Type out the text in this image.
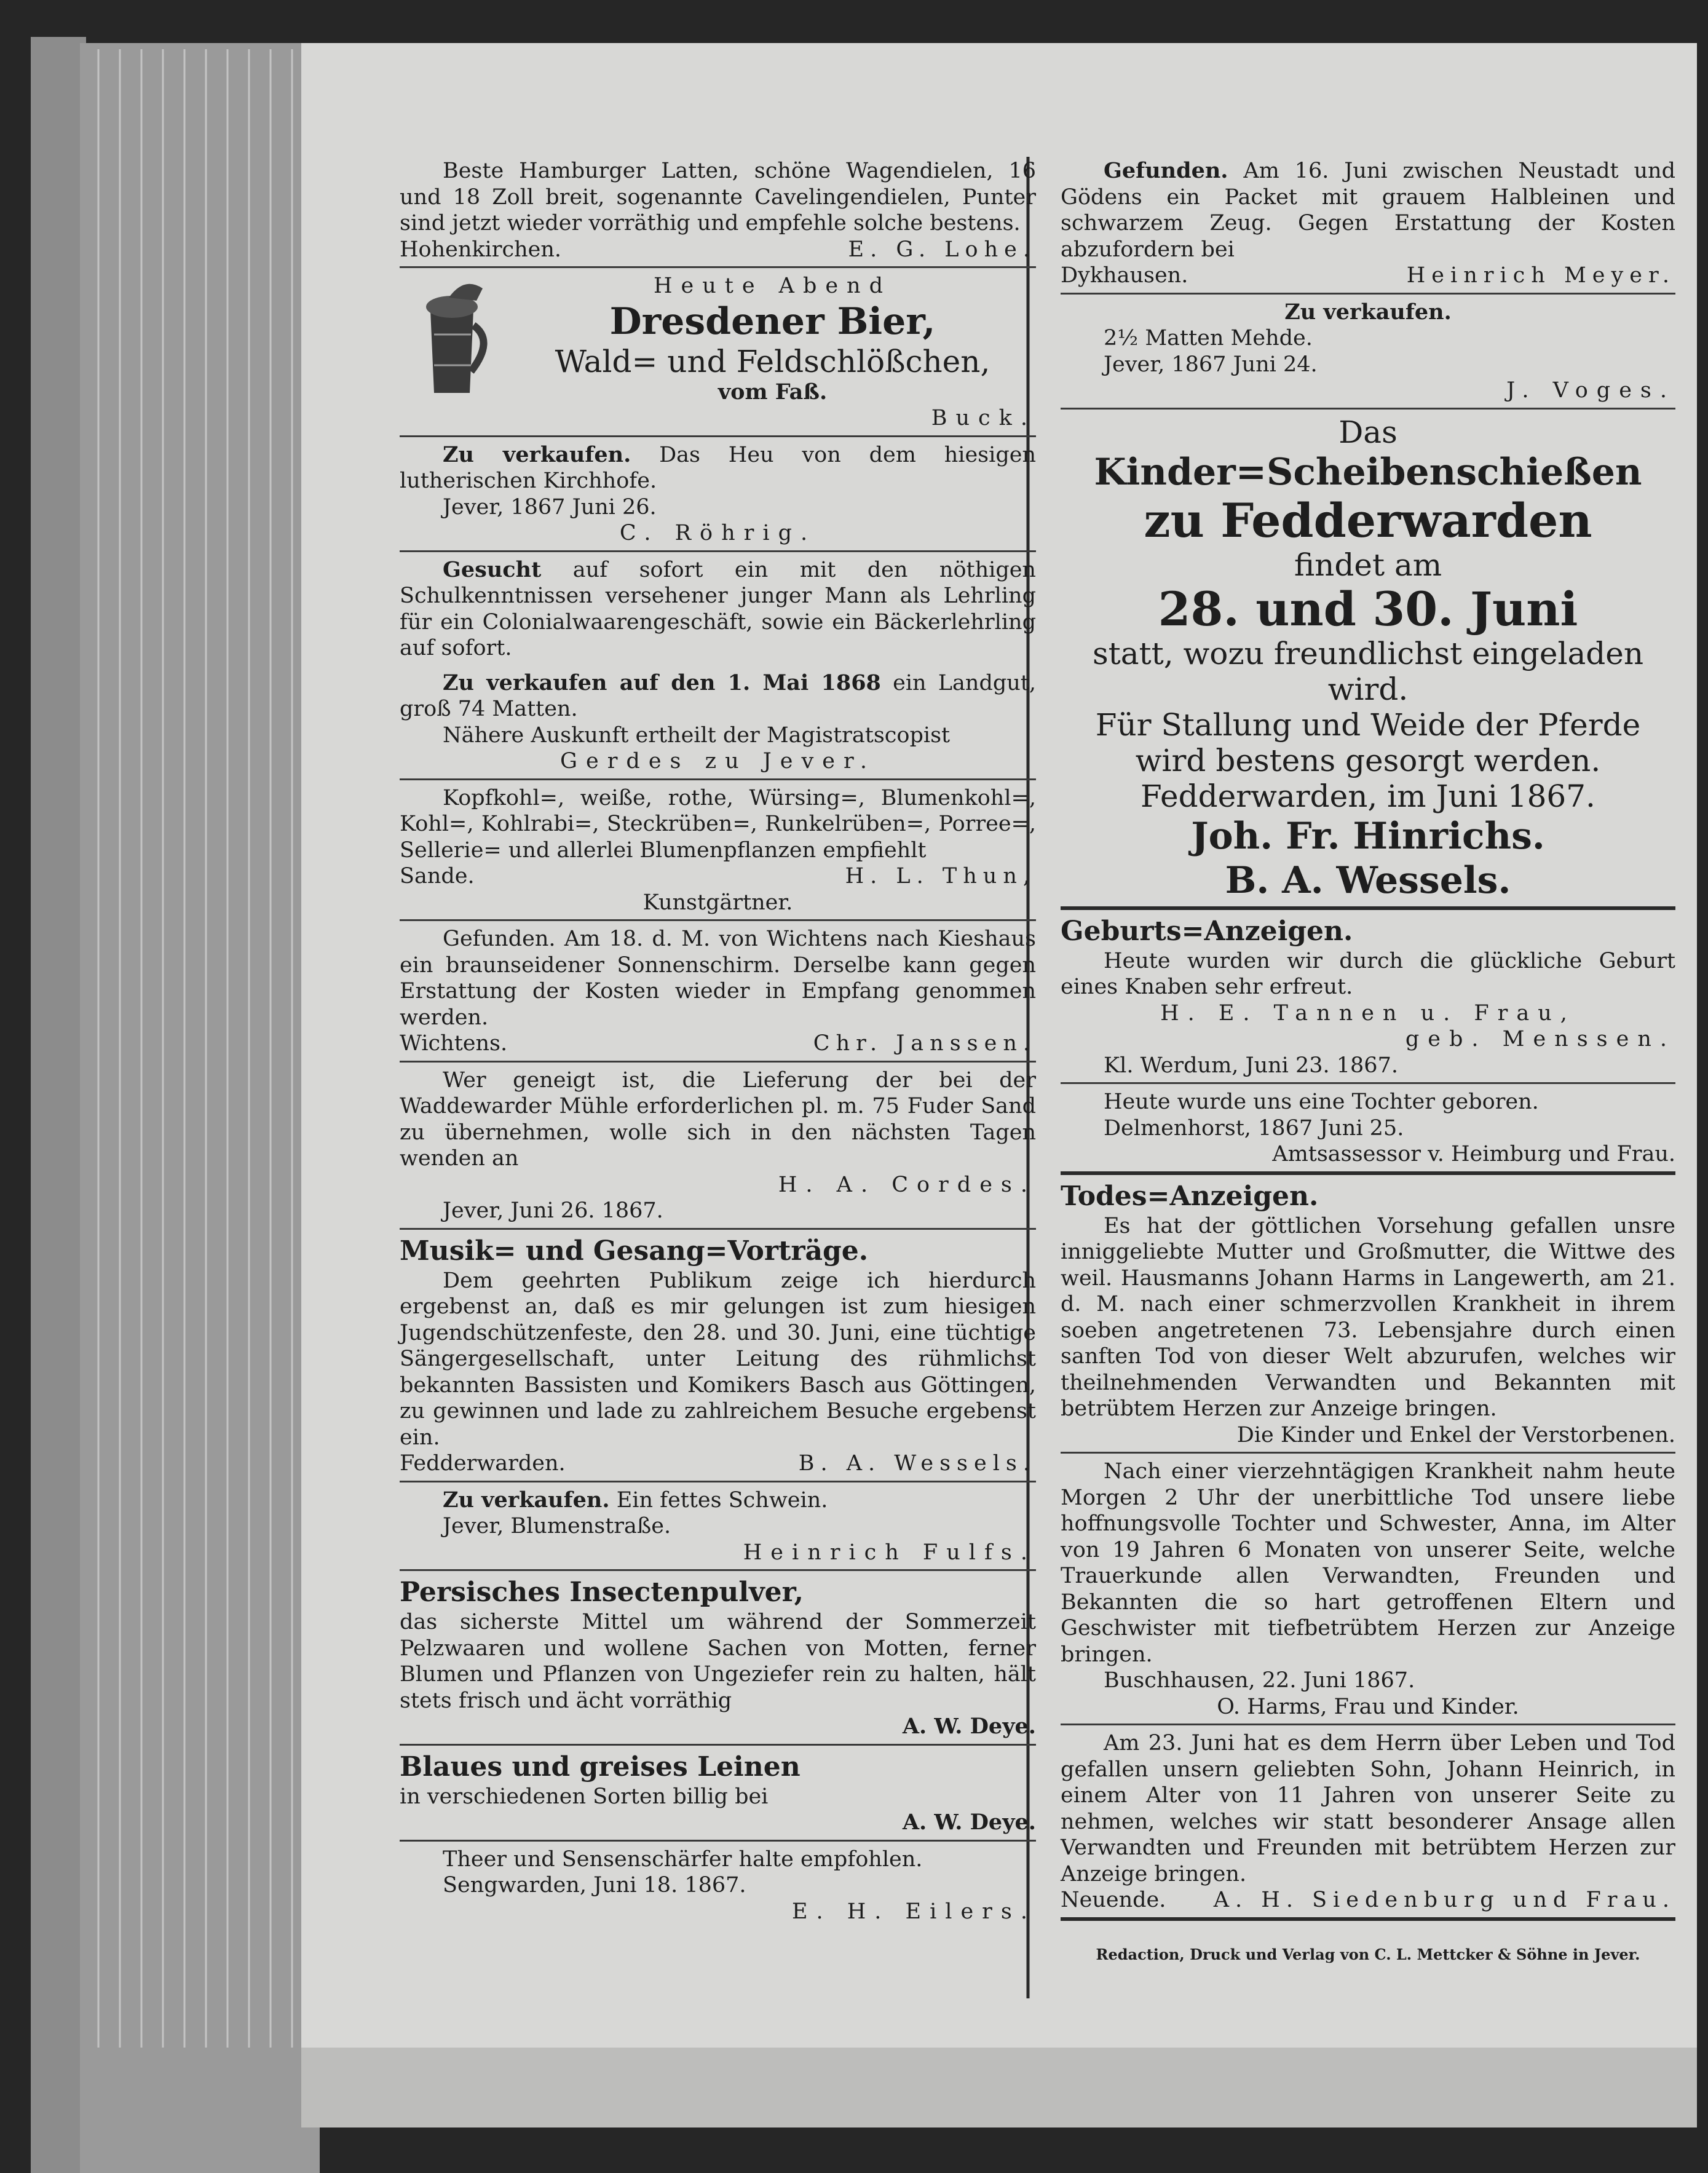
Beste Hamburger Latten, schöne Wagendielen, 16 und 18 Zoll breit, sogenannte Cavelingendielen, Punter sind jetzt wieder vorräthig und empfehle solche bestens.

Hohenkirchen.	E. G. Lohe.

Heute Abend

Dresdener Bier,

Wald= und Feldschlößchen,

vom Faß.

Buck.

Zu verkaufen. Das Heu von dem hiesigen lutherischen Kirchhofe.

Jever, 1867 Juni 26.

C. Röhrig.

Gesucht auf sofort ein mit den nöthigen Schulkenntnissen versehener junger Mann als Lehrling für ein Colonialwaarengeschäft, sowie ein Bäckerlehrling auf sofort.

Zu verkaufen auf den 1. Mai 1868 ein Landgut, groß 74 Matten.

Nähere Auskunft ertheilt der Magistratscopist

Gerdes zu Jever.

Kopfkohl=, weiße, rothe, Würsing=, Blumenkohl=, Kohl=, Kohlrabi=, Steckrüben=, Runkelrüben=, Porree=, Sellerie= und allerlei Blumenpflanzen empfiehlt

Sande.	H. L. Thun,

Kunstgärtner.

Gefunden. Am 18. d. M. von Wichtens nach Kieshaus ein braunseidener Sonnenschirm. Derselbe kann gegen Erstattung der Kosten wieder in Empfang genommen werden.

Wichtens.	Chr. Janssen.

Wer geneigt ist, die Lieferung der bei der Waddewarder Mühle erforderlichen pl. m. 75 Fuder Sand zu übernehmen, wolle sich in den nächsten Tagen wenden an

H. A. Cordes.

Jever, Juni 26. 1867.

Musik= und Gesang=Vorträge.

Dem geehrten Publikum zeige ich hierdurch ergebenst an, daß es mir gelungen ist zum hiesigen Jugendschützenfeste, den 28. und 30. Juni, eine tüchtige Sängergesellschaft, unter Leitung des rühmlichst bekannten Bassisten und Komikers Basch aus Göttingen, zu gewinnen und lade zu zahlreichem Besuche ergebenst ein.

Fedderwarden.	B. A. Wessels.

Zu verkaufen. Ein fettes Schwein.

Jever, Blumenstraße.

Heinrich Fulfs.

Persisches Insectenpulver,

das sicherste Mittel um während der Sommerzeit Pelzwaaren und wollene Sachen von Motten, ferner Blumen und Pflanzen von Ungeziefer rein zu halten, hält stets frisch und ächt vorräthig

A. W. Deye.

Blaues und greises Leinen

in verschiedenen Sorten billig bei

A. W. Deye.

Theer und Sensenschärfer halte empfohlen.

Sengwarden, Juni 18. 1867.

E. H. Eilers.

Gefunden. Am 16. Juni zwischen Neustadt und Gödens ein Packet mit grauem Halbleinen und schwarzem Zeug. Gegen Erstattung der Kosten abzufordern bei

Dykhausen.	Heinrich Meyer.

Zu verkaufen.

2½ Matten Mehde.

Jever, 1867 Juni 24.

J. Voges.

Das

Kinder=Scheibenschießen

zu Fedderwarden

findet am

28. und 30. Juni

statt, wozu freundlichst eingeladen wird.

Für Stallung und Weide der Pferde wird bestens gesorgt werden.

Fedderwarden, im Juni 1867.

Joh. Fr. Hinrichs.

B. A. Wessels.

Geburts=Anzeigen.

Heute wurden wir durch die glückliche Geburt eines Knaben sehr erfreut.

H. E. Tannen u. Frau,

geb. Menssen.

Kl. Werdum, Juni 23. 1867.

Heute wurde uns eine Tochter geboren.

Delmenhorst, 1867 Juni 25.

Amtsassessor v. Heimburg und Frau.

Todes=Anzeigen.

Es hat der göttlichen Vorsehung gefallen unsre inniggeliebte Mutter und Großmutter, die Wittwe des weil. Hausmanns Johann Harms in Langewerth, am 21. d. M. nach einer schmerzvollen Krankheit in ihrem soeben angetretenen 73. Lebensjahre durch einen sanften Tod von dieser Welt abzurufen, welches wir theilnehmenden Verwandten und Bekannten mit betrübtem Herzen zur Anzeige bringen.

Die Kinder und Enkel der Verstorbenen.

Nach einer vierzehntägigen Krankheit nahm heute Morgen 2 Uhr der unerbittliche Tod unsere liebe hoffnungsvolle Tochter und Schwester, Anna, im Alter von 19 Jahren 6 Monaten von unserer Seite, welche Trauerkunde allen Verwandten, Freunden und Bekannten die so hart getroffenen Eltern und Geschwister mit tiefbetrübtem Herzen zur Anzeige bringen.

Buschhausen, 22. Juni 1867.

O. Harms, Frau und Kinder.

Am 23. Juni hat es dem Herrn über Leben und Tod gefallen unsern geliebten Sohn, Johann Heinrich, in einem Alter von 11 Jahren von unserer Seite zu nehmen, welches wir statt besonderer Ansage allen Verwandten und Freunden mit betrübtem Herzen zur Anzeige bringen.

Neuende. A. H. Siedenburg und Frau.

Redaction, Druck und Verlag von C. L. Mettcker & Söhne in Jever.
